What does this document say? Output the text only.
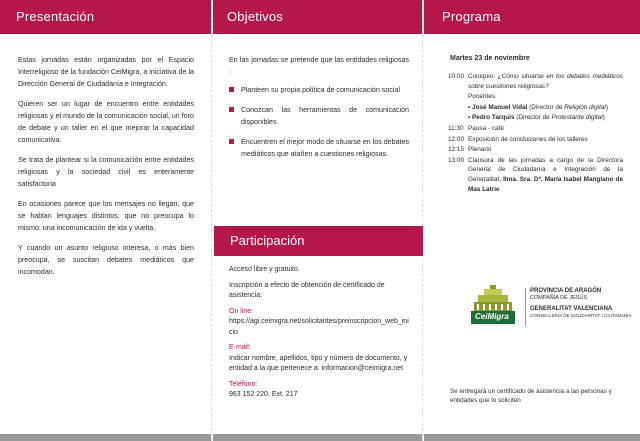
Presentación

Estas jornadas están organizadas por el Espacio Interreligioso de la fundación CeiMigra, a iniciativa de la Dirección General de Ciudadanía e Integración.

Quieren ser un lugar de encuentro entre entidades religiosas y el mundo de la comunicación social, un foro de debate y un taller en el que mejorar la capacidad comunicativa.

Se trata de plantear si la comunicación entre entidades religiosas y la sociedad civil es enteramente satisfactoria

En ocasiones parece que los mensajes no llegan, que se hablan lenguajes distintos, que no preocupa lo mismo: una incomunicación de ida y vuelta.

Y cuando un asunto religioso interesa, o más bien preocupa, se suscitan debates mediáticos que incomodan.

Objetivos
En las jornadas se pretende que las entidades religiosas :
Planteen su propia política de comunicación social
Conozcan las herramientas de comunicación disponibles
Encuentren el mejor modo de situarse en los debates mediáticos que atañen a cuestiones religiosas.
Participación

Acceso libre y gratuito.

Inscripción a efecto de obtención de certificado de asistencia:

On line:

https://agi.ceimigra.net/solicitantes/preinscripcion_web_inicio

E-mail:

Indicar nombre, apellidos, tipo y número de documento, y entidad a la que pertenece a: informacion@ceimigra.net

Teléfono:

963 152 220. Ext. 217

Programa
Martes 23 de noviembre
10:00 Coloquio: ¿Cómo situarse en los debates mediáticos sobre cuestiones religiosas?
Ponentes:
• José Manuel Vidal (Director de Religión digital)
• Pedro Tarquis (Director de Protestante digital)
11:30 Pausa - café
12:00 Exposición de conclusiones de los talleres
12:15 Plenario
13:00 Clausura de las jornadas a cargo de la Directora General de Ciudadanía e Integración de la Generalitat, Ilma. Sra. Dª. María Isabel Manglano de Mas Latrie
CeiMigra
PROVINCIA DE ARAGÓN
COMPAÑÍA DE JESÚS
GENERALITAT VALENCIANA
CONSELLERIA DE SOLIDARITAT I CIUTADANIA
Se entregará un certificado de asistencia a las personas y entidades que lo soliciten
